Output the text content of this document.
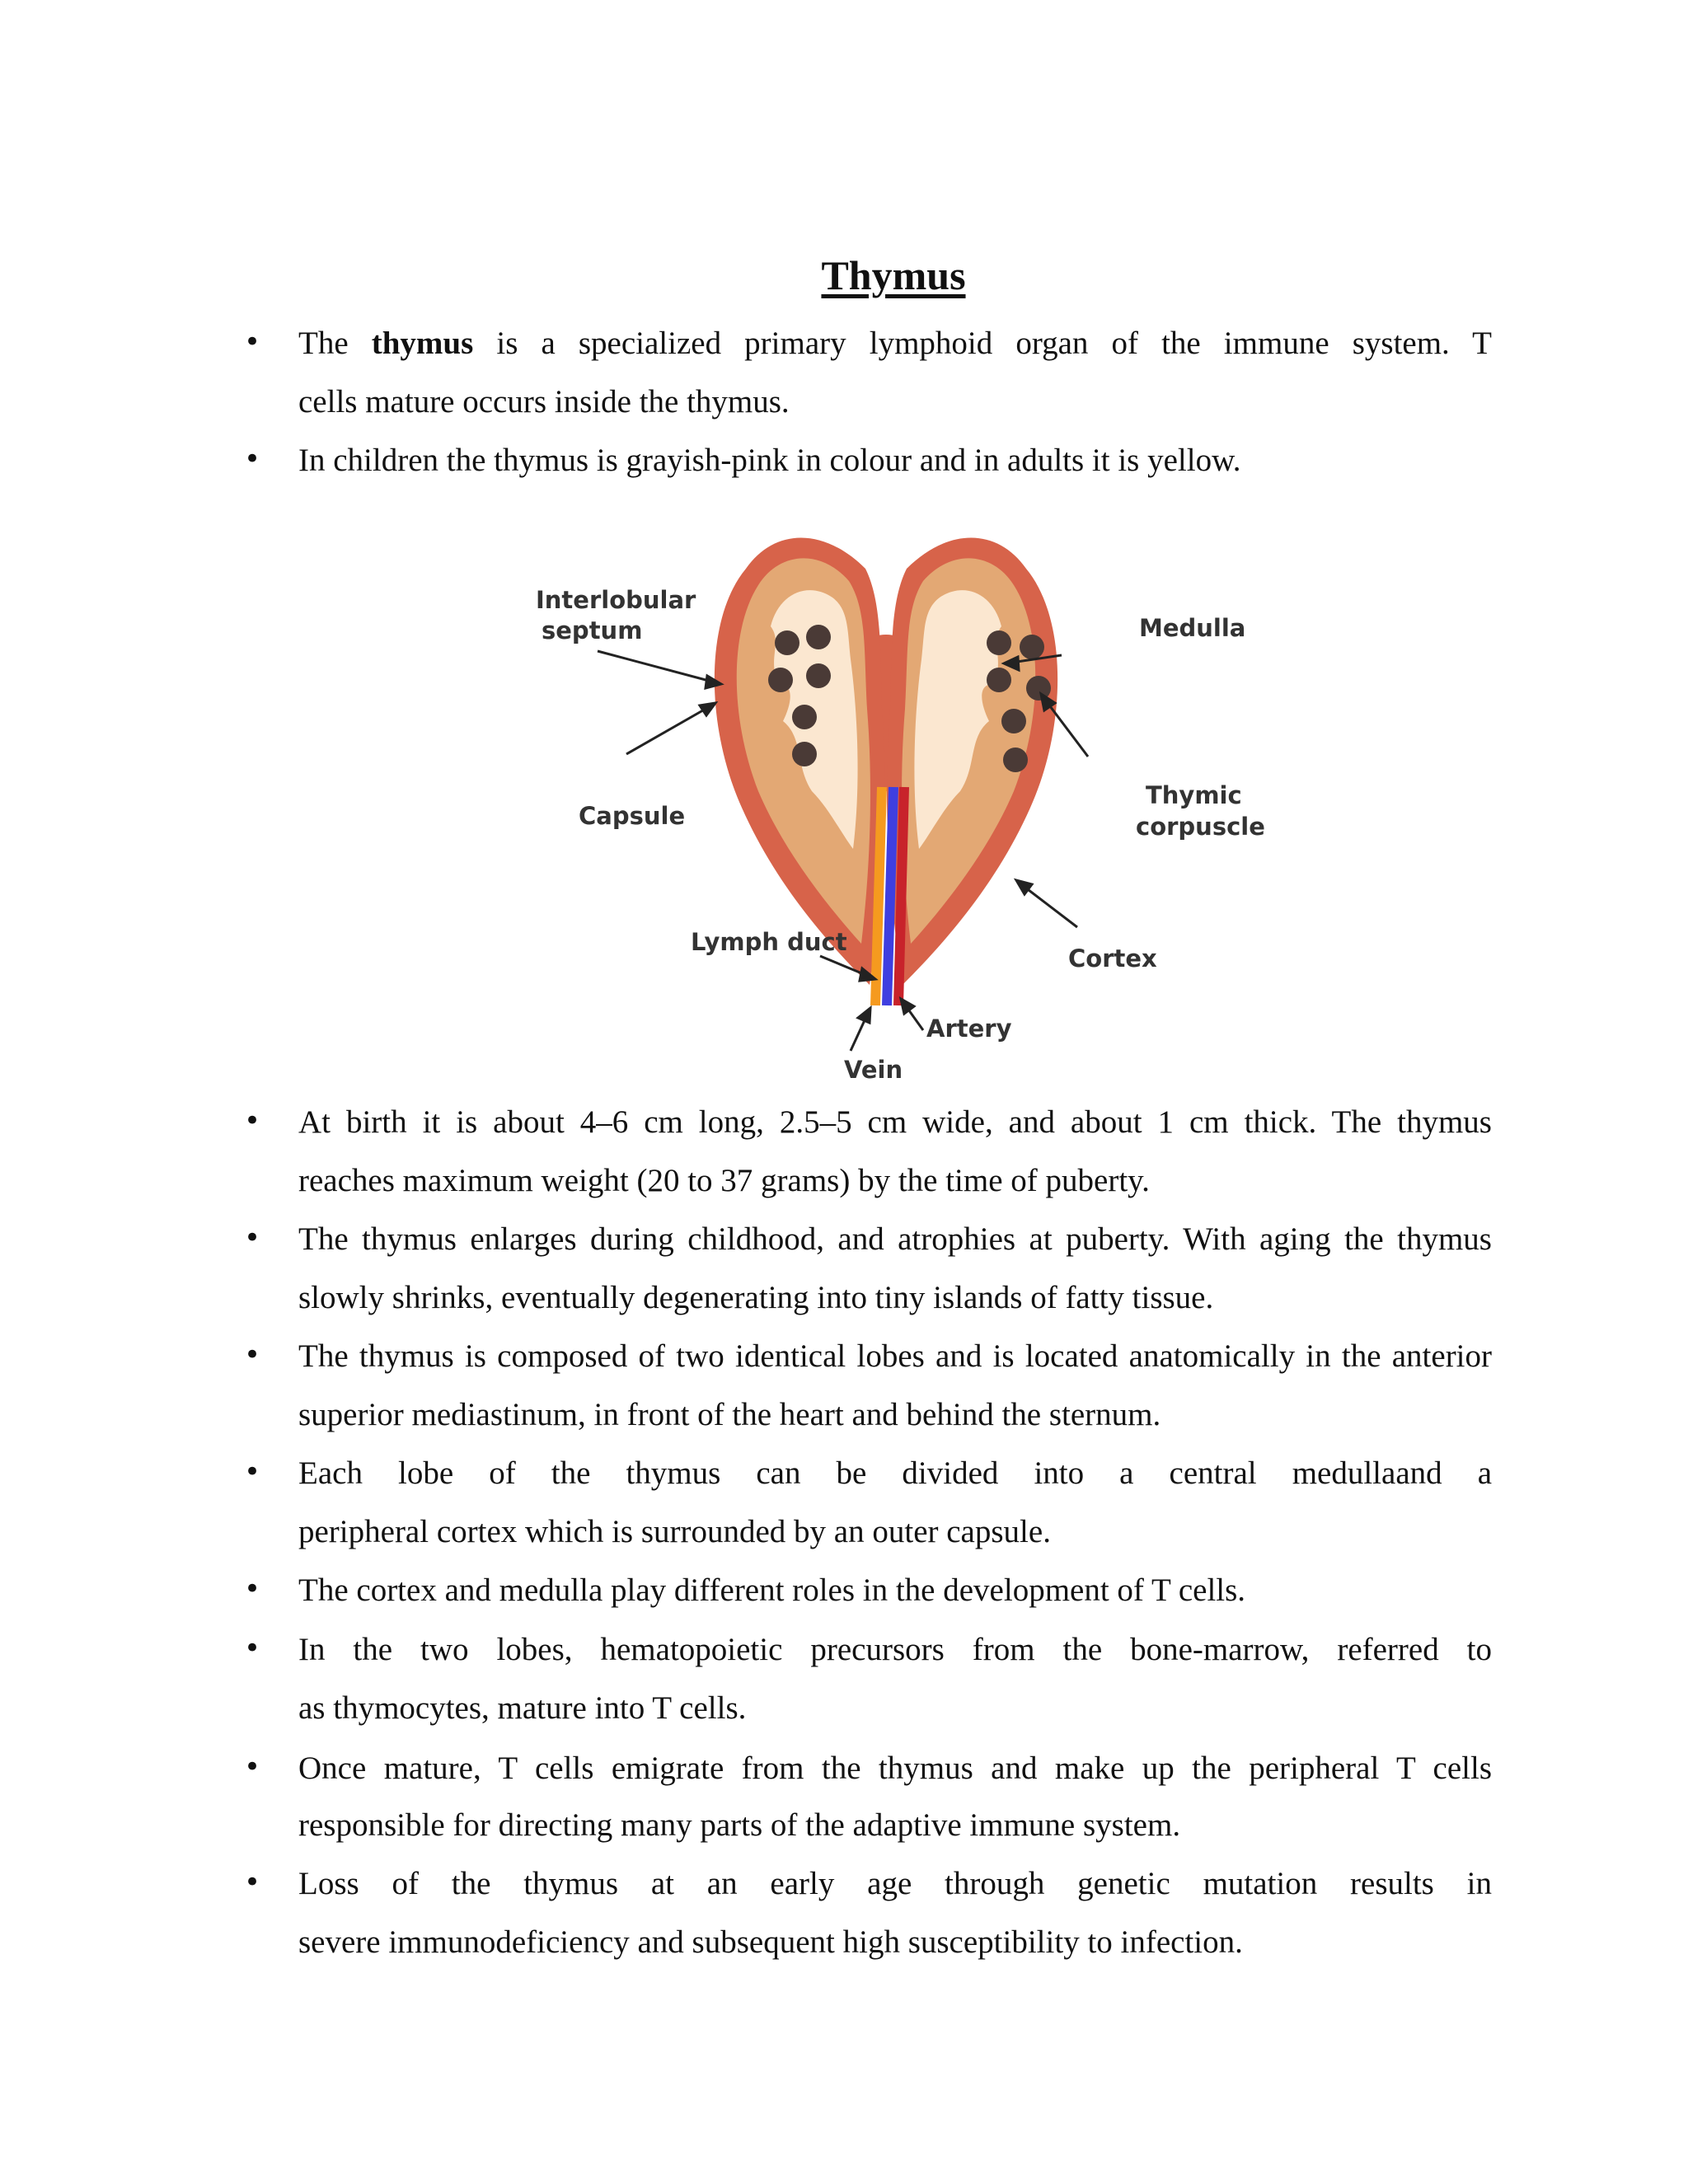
Thymus
• The thymus is a specialized primary lymphoid organ of the immune system. T
cells mature occurs inside the thymus.
• In children the thymus is grayish-pink in colour and in adults it is yellow.
Interlobular
septum
Capsule
Lymph duct
Vein
Artery
Medulla
Thymic
corpuscle
Cortex
• At birth it is about 4–6 cm long, 2.5–5 cm wide, and about 1 cm thick. The thymus
reaches maximum weight (20 to 37 grams) by the time of puberty.
• The thymus enlarges during childhood, and atrophies at puberty. With aging the thymus
slowly shrinks, eventually degenerating into tiny islands of fatty tissue.
• The thymus is composed of two identical lobes and is located anatomically in the anterior
superior mediastinum, in front of the heart and behind the sternum.
• Each lobe of the thymus can be divided into a central medullaand a
peripheral cortex which is surrounded by an outer capsule.
• The cortex and medulla play different roles in the development of T cells.
• In the two lobes, hematopoietic precursors from the bone-marrow, referred to
as thymocytes, mature into T cells.
• Once mature, T cells emigrate from the thymus and make up the peripheral T cells
responsible for directing many parts of the adaptive immune system.
• Loss of the thymus at an early age through genetic mutation results in
severe immunodeficiency and subsequent high susceptibility to infection.
